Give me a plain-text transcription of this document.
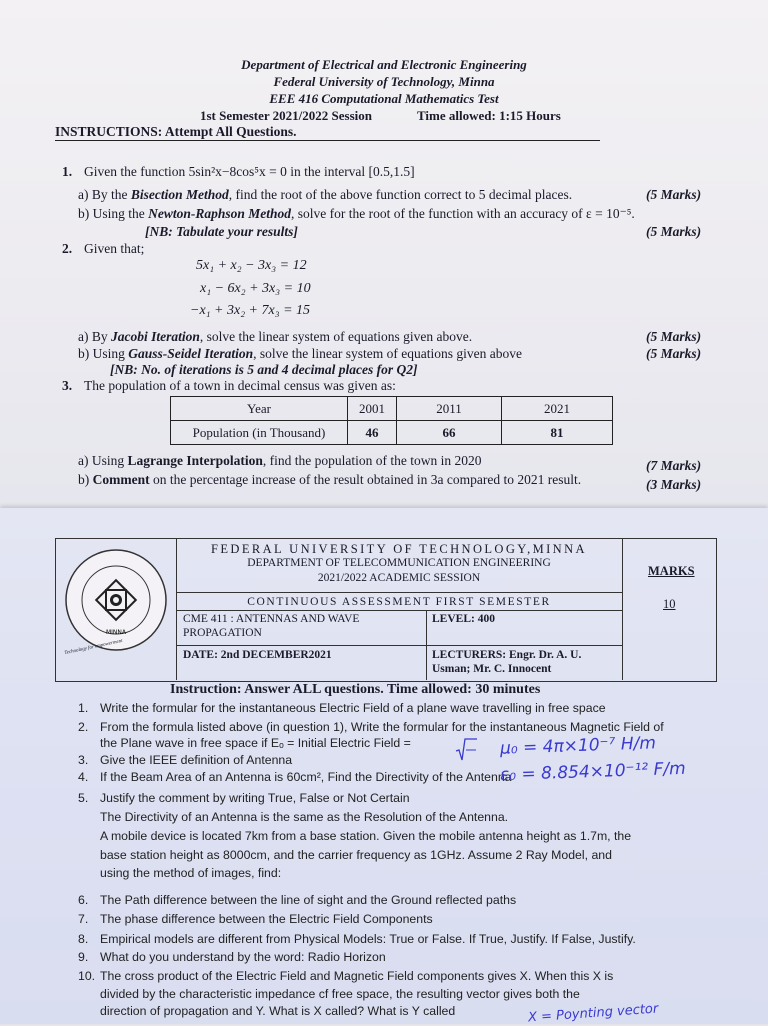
Department of Electrical and Electronic Engineering
Federal University of Technology, Minna
EEE 416 Computational Mathematics Test
1st Semester 2021/2022 Session	Time allowed: 1:15 Hours
INSTRUCTIONS: Attempt All Questions.
1. Given the function 5sin²x−8cos⁵x = 0 in the interval [0.5,1.5]
a) By the Bisection Method, find the root of the above function correct to 5 decimal places.	(5 Marks)
b) Using the Newton-Raphson Method, solve for the root of the function with an accuracy of ε = 10⁻⁵.
[NB: Tabulate your results]	(5 Marks)
2. Given that;
5x₁ + x₂ − 3x₃ = 12
x₁ − 6x₂ + 3x₃ = 10
−x₁ + 3x₂ + 7x₃ = 15
a) By Jacobi Iteration, solve the linear system of equations given above.	(5 Marks)
b) Using Gauss-Seidel Iteration, solve the linear system of equations given above	(5 Marks)
[NB: No. of iterations is 5 and 4 decimal places for Q2]
3. The population of a town in decimal census was given as:
Year	2001	2011	2021
Population (in Thousand)	46	66	81
a) Using Lagrange Interpolation, find the population of the town in 2020	(7 Marks)
b) Comment on the percentage increase of the result obtained in 3a compared to 2021 result.	(3 Marks)
MINNA
Technology for empowerment
FEDERAL UNIVERSITY OF TECHNOLOGY,MINNA
DEPARTMENT OF TELECOMMUNICATION ENGINEERING
2021/2022 ACADEMIC SESSION
CONTINUOUS ASSESSMENT FIRST SEMESTER
CME 411 : ANTENNAS AND WAVE
PROPAGATION
LEVEL: 400
DATE: 2nd DECEMBER2021	LECTURERS: Engr. Dr. A. U.
Usman; Mr. C. Innocent
MARKS
10
Instruction: Answer ALL questions. Time allowed: 30 minutes
1. Write the formular for the instantaneous Electric Field of a plane wave travelling in free space
2. From the formula listed above (in question 1), Write the formular for the instantaneous Magnetic Field of
the Plane wave in free space if Eₒ = Initial Electric Field =
3. Give the IEEE definition of Antenna
4. If the Beam Area of an Antenna is 60cm², Find the Directivity of the Antenna
5. Justify the comment by writing True, False or Not Certain
The Directivity of an Antenna is the same as the Resolution of the Antenna.
A mobile device is located 7km from a base station. Given the mobile antenna height as 1.7m, the
base station height as 8000cm, and the carrier frequency as 1GHz. Assume 2 Ray Model, and
using the method of images, find:
6. The Path difference between the line of sight and the Ground reflected paths
7. The phase difference between the Electric Field Components
8. Empirical models are different from Physical Models: True or False. If True, Justify. If False, Justify.
9. What do you understand by the word: Radio Horizon
10. The cross product of the Electric Field and Magnetic Field components gives X. When this X is
divided by the characteristic impedance cf free space, the resulting vector gives both the
direction of propagation and Y. What is X called? What is Y called
μ₀ = 4π×10⁻⁷ H/m
ε₀ = 8.854×10⁻¹² F/m
X = Poynting vector
